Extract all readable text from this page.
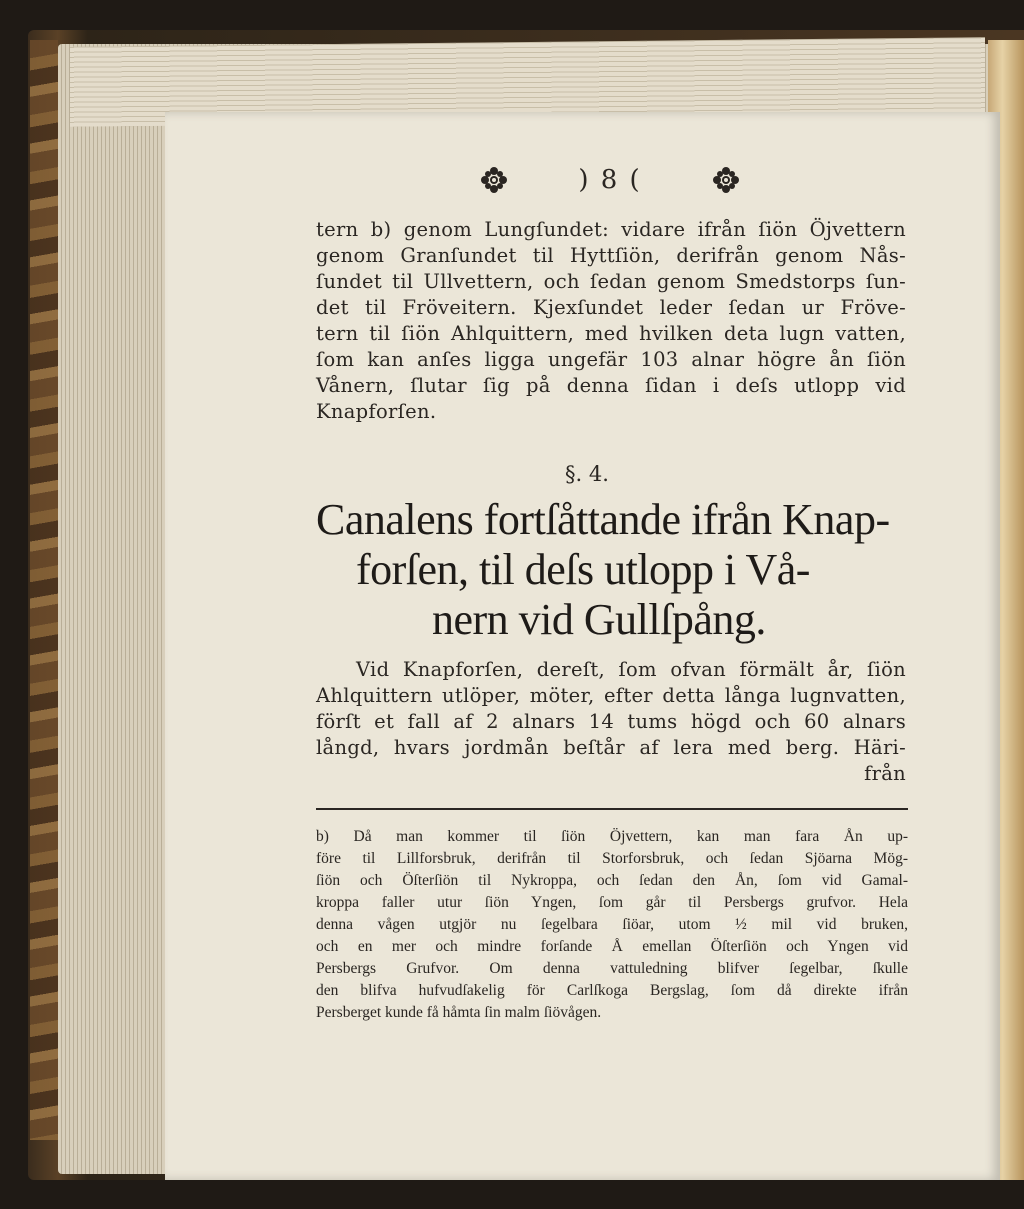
) 8 (
tern b) genom Lungſundet: vidare ifrån ſiön Öjvettern
genom Granſundet til Hyttſiön, derifrån genom Nås-
ſundet til Ullvettern, och ſedan genom Smedstorps ſun-
det til Fröveitern. Kjexſundet leder ſedan ur Fröve-
tern til ſiön Ahlquittern, med hvilken deta lugn vatten,
ſom kan anſes ligga ungefär 103 alnar högre ån ſiön
Vånern, ſlutar ſig på denna ſidan i deſs utlopp vid
Knapforſen.
§. 4.
Canalens fortſåttande ifrån Knap-
forſen, til deſs utlopp i Vå-
nern vid Gullſpång.
Vid Knapforſen, dereſt, ſom ofvan förmält år, ſiön
Ahlquittern utlöper, möter, efter detta långa lugnvatten,
förſt et fall af 2 alnars 14 tums högd och 60 alnars
långd, hvars jordmån beſtår af lera med berg. Häri-
från
b) Då man kommer til ſiön Öjvettern, kan man fara Ån up-
före til Lillforsbruk, derifrån til Storforsbruk, och ſedan Sjöarna Mög-
ſiön och Öſterſiön til Nykroppa, och ſedan den Ån, ſom vid Gamal-
kroppa faller utur ſiön Yngen, ſom går til Persbergs grufvor. Hela
denna vågen utgjör nu ſegelbara ſiöar, utom ½ mil vid bruken,
och en mer och mindre forſande Å emellan Öſterſiön och Yngen vid
Persbergs Grufvor. Om denna vattuledning blifver ſegelbar, ſkulle
den blifva hufvudſakelig för Carlſkoga Bergslag, ſom då direkte ifrån
Persberget kunde få håmta ſin malm ſiövågen.
